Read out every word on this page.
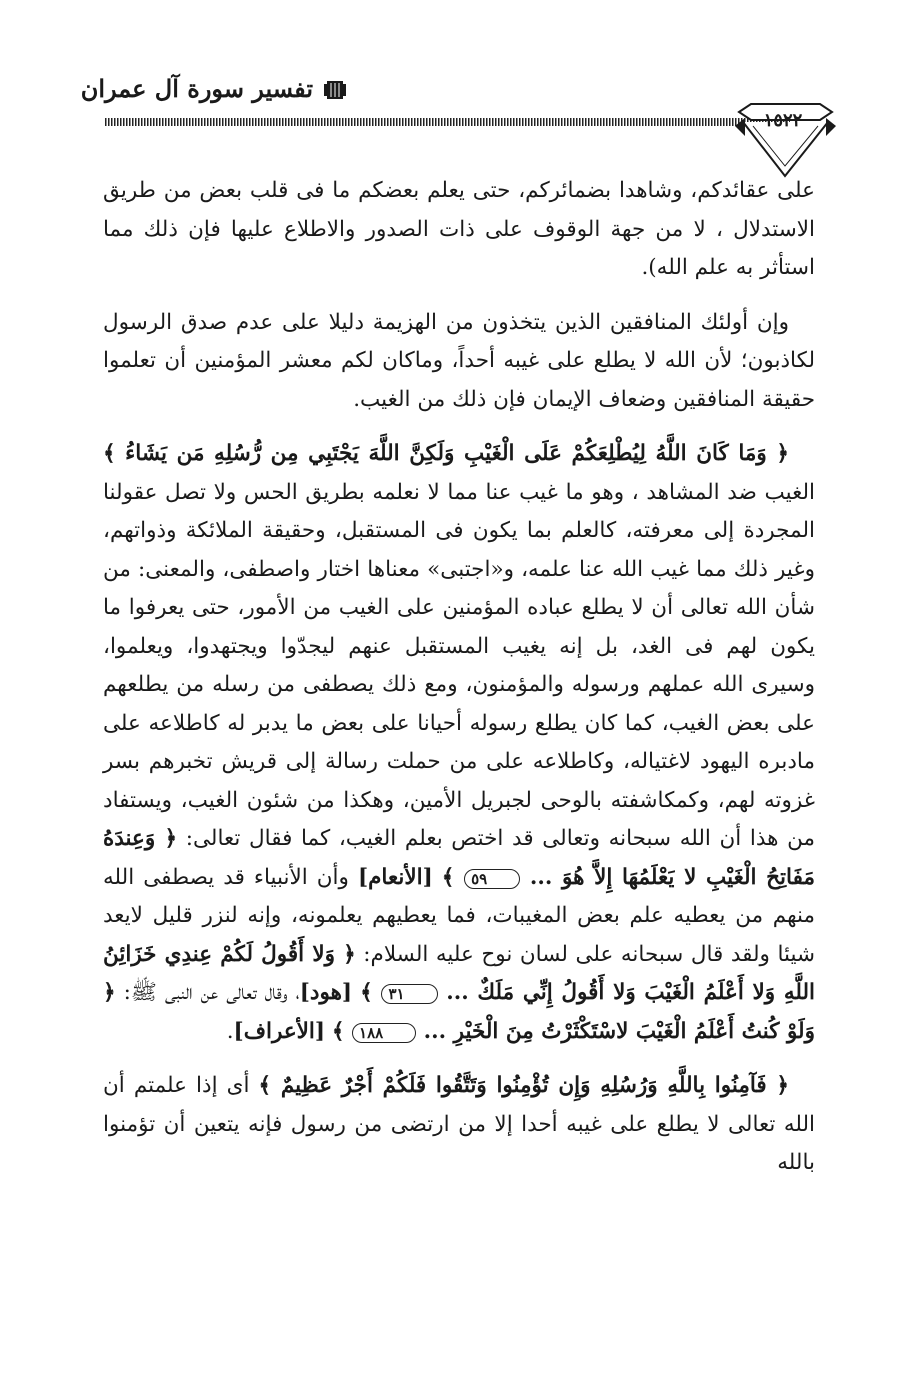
تفسير سورة آل عمران
١٥٢٢

على عقائدكم، وشاهدا بضمائركم، حتى يعلم بعضكم ما فى قلب بعض من طريق الاستدلال ، لا من جهة الوقوف على ذات الصدور والاطلاع عليها فإن ذلك مما استأثر به علم الله).

وإن أولئك المنافقين الذين يتخذون من الهزيمة دليلا على عدم صدق الرسول لكاذبون؛ لأن الله لا يطلع على غيبه أحداً، وماكان لكم معشر المؤمنين أن تعلموا حقيقة المنافقين وضعاف الإيمان فإن ذلك من الغيب.

﴿ وَمَا كَانَ اللَّهُ لِيُطْلِعَكُمْ عَلَى الْغَيْبِ وَلَكِنَّ اللَّهَ يَجْتَبِي مِن رُّسُلِهِ مَن يَشَاءُ ﴾ الغيب ضد المشاهد ، وهو ما غيب عنا مما لا نعلمه بطريق الحس ولا تصل عقولنا المجردة إلى معرفته، كالعلم بما يكون فى المستقبل، وحقيقة الملائكة وذواتهم، وغير ذلك مما غيب الله عنا علمه، و«اجتبى» معناها اختار واصطفى، والمعنى: من شأن الله تعالى أن لا يطلع عباده المؤمنين على الغيب من الأمور، حتى يعرفوا ما يكون لهم فى الغد، بل إنه يغيب المستقبل عنهم ليجدّوا ويجتهدوا، ويعلموا، وسيرى الله عملهم ورسوله والمؤمنون، ومع ذلك يصطفى من رسله من يطلعهم على بعض الغيب، كما كان يطلع رسوله أحيانا على بعض ما يدبر له كاطلاعه على مادبره اليهود لاغتياله، وكاطلاعه على من حملت رسالة إلى قريش تخبرهم بسر غزوته لهم، وكمكاشفته بالوحى لجبريل الأمين، وهكذا من شئون الغيب، ويستفاد من هذا أن الله سبحانه وتعالى قد اختص بعلم الغيب، كما فقال تعالى: ﴿ وَعِندَهُ مَفَاتِحُ الْغَيْبِ لا يَعْلَمُهَا إِلاَّ هُوَ ... ٥٩ ﴾ [الأنعام] وأن الأنبياء قد يصطفى الله منهم من يعطيه علم بعض المغيبات، فما يعطيهم يعلمونه، وإنه لنزر قليل لايعد شيئا ولقد قال سبحانه على لسان نوح عليه السلام: ﴿ وَلا أَقُولُ لَكُمْ عِندِي خَزَائِنُ اللَّهِ وَلا أَعْلَمُ الْغَيْبَ وَلا أَقُولُ إِنِّي مَلَكٌ ... ٣١ ﴾ [هود]، وقال تعالى عن النبى ﷺ: ﴿ وَلَوْ كُنتُ أَعْلَمُ الْغَيْبَ لاسْتَكْثَرْتُ مِنَ الْخَيْرِ ... ١٨٨ ﴾ [الأعراف].

﴿ فَآمِنُوا بِاللَّهِ وَرُسُلِهِ وَإِن تُؤْمِنُوا وَتَتَّقُوا فَلَكُمْ أَجْرٌ عَظِيمٌ ﴾ أى إذا علمتم أن الله تعالى لا يطلع على غيبه أحدا إلا من ارتضى من رسول فإنه يتعين أن تؤمنوا بالله
